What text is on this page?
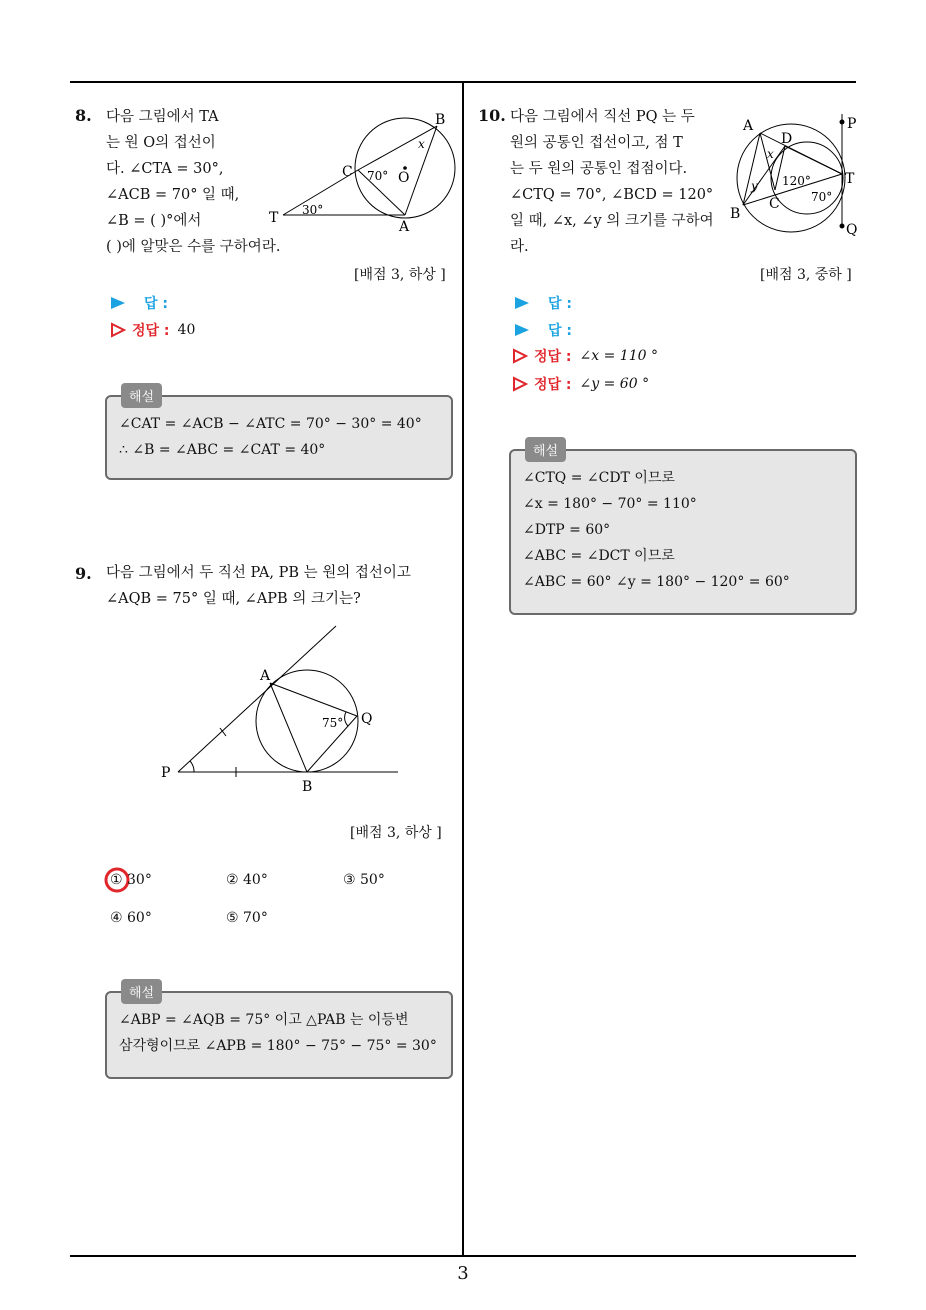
8. 다음 그림에서 TA
는 원 O의 접선이
다. ∠CTA = 30°,
∠ACB = 70° 일 때,
∠B = ( )°에서
( )에 알맞은 수를 구하여라.
B
x
C 70° O
T 30°
A
[배점 3, 하상 ]
답 :
정답 : 40
해설
∠CAT = ∠ACB − ∠ATC = 70° − 30° = 40°
∴ ∠B = ∠ABC = ∠CAT = 40°
9. 다음 그림에서 두 직선 PA, PB 는 원의 접선이고
∠AQB = 75° 일 때, ∠APB 의 크기는?
A
Q
75°
P
B
[배점 3, 하상 ]
① 30°	② 40°	③ 50°
④ 60°	⑤ 70°
해설
∠ABP = ∠AQB = 75° 이고 △PAB 는 이등변
삼각형이므로 ∠APB = 180° − 75° − 75° = 30°
10. 다음 그림에서 직선 PQ 는 두
원의 공통인 접선이고, 점 T
는 두 원의 공통인 접점이다.
∠CTQ = 70°, ∠BCD = 120°
일 때, ∠x, ∠y 의 크기를 구하여
라.
A
D
P
x
120° T
y
70°
B
C
Q
[배점 3, 중하 ]
답 :
답 :
정답 : ∠x = 110 °
정답 : ∠y = 60 °
해설
∠CTQ = ∠CDT 이므로
∠x = 180° − 70° = 110°
∠DTP = 60°
∠ABC = ∠DCT 이므로
∠ABC = 60° ∠y = 180° − 120° = 60°
3
